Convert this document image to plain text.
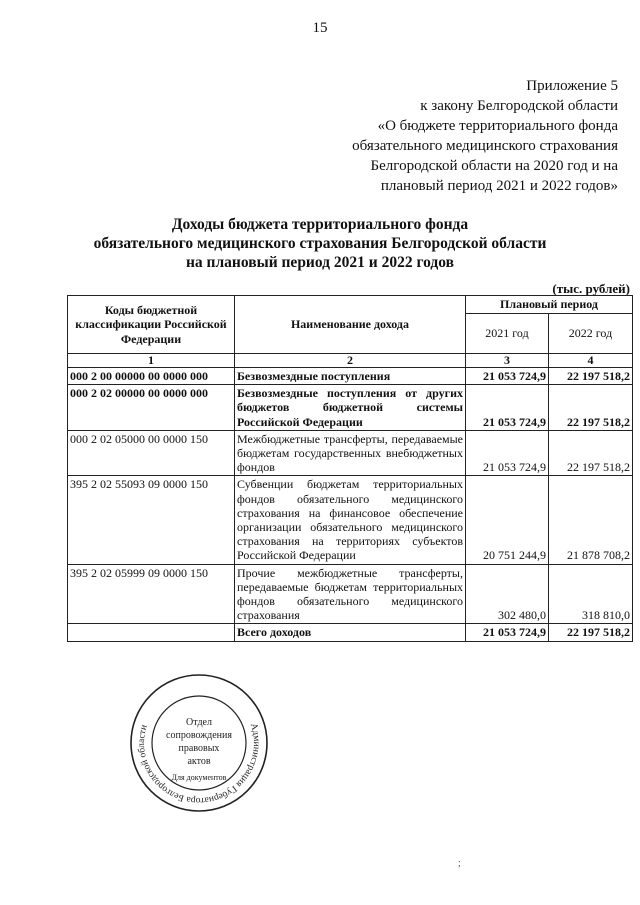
15
Приложение 5
к закону Белгородской области
«О бюджете территориального фонда
обязательного медицинского страхования
Белгородской области на 2020 год и на
плановый период 2021 и 2022 годов»
Доходы бюджета территориального фонда
обязательного медицинского страхования Белгородской области
на плановый период 2021 и 2022 годов
(тыс. рублей)
Коды бюджетной классификации Российской Федерации	Наименование дохода	Плановый период	
		2021 год	2022 год
1	2	3	4
000 2 00 00000 00 0000 000	Безвозмездные поступления	21 053 724,9	22 197 518,2
000 2 02 00000 00 0000 000	Безвозмездные поступления от других бюджетов бюджетной системы Российской Федерации	21 053 724,9	22 197 518,2
000 2 02 05000 00 0000 150	Межбюджетные трансферты, передаваемые бюджетам государственных внебюджетных фондов	21 053 724,9	22 197 518,2
395 2 02 55093 09 0000 150	Субвенции бюджетам территориальных фондов обязательного медицинского страхования на финансовое обеспечение организации обязательного медицинского страхования на территориях субъектов Российской Федерации	20 751 244,9	21 878 708,2
395 2 02 05999 09 0000 150	Прочие межбюджетные трансферты, передаваемые бюджетам территориальных фондов обязательного медицинского страхования	302 480,0	318 810,0
	Всего доходов	21 053 724,9	22 197 518,2
Администрация Губернатора Белгородской области	Отдел
сопровождения
правовых
актов
Для документов
;
